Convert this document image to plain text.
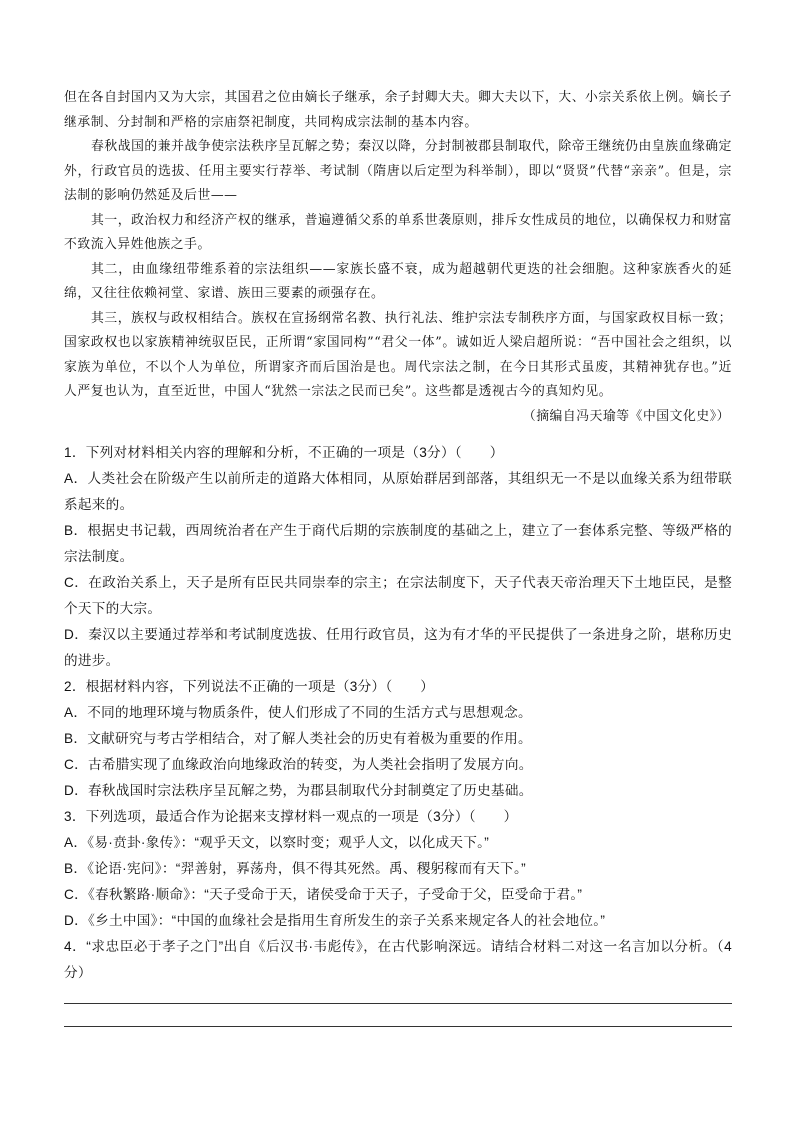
但在各自封国内又为大宗，其国君之位由嫡长子继承，余子封卿大夫。卿大夫以下，大、小宗关系依上例。嫡长子继承制、分封制和严格的宗庙祭祀制度，共同构成宗法制的基本内容。

春秋战国的兼并战争使宗法秩序呈瓦解之势；秦汉以降，分封制被郡县制取代，除帝王继统仍由皇族血缘确定外，行政官员的选拔、任用主要实行荐举、考试制（隋唐以后定型为科举制），即以“贤贤”代替“亲亲”。但是，宗法制的影响仍然延及后世——

其一，政治权力和经济产权的继承，普遍遵循父系的单系世袭原则，排斥女性成员的地位，以确保权力和财富不致流入异姓他族之手。

其二，由血缘纽带维系着的宗法组织——家族长盛不衰，成为超越朝代更迭的社会细胞。这种家族香火的延绵，又往往依赖祠堂、家谱、族田三要素的顽强存在。

其三，族权与政权相结合。族权在宣扬纲常名教、执行礼法、维护宗法专制秩序方面，与国家政权目标一致；国家政权也以家族精神统驭臣民，正所谓“家国同构”“君父一体”。诚如近人梁启超所说：“吾中国社会之组织，以家族为单位，不以个人为单位，所谓家齐而后国治是也。周代宗法之制，在今日其形式虽废，其精神犹存也。”近人严复也认为，直至近世，中国人“犹然一宗法之民而已矣”。这些都是透视古今的真知灼见。

（摘编自冯天瑜等《中国文化史》）

1．下列对材料相关内容的理解和分析，不正确的一项是（3分）（　　）

A．人类社会在阶级产生以前所走的道路大体相同，从原始群居到部落，其组织无一不是以血缘关系为纽带联系起来的。

B．根据史书记载，西周统治者在产生于商代后期的宗族制度的基础之上，建立了一套体系完整、等级严格的宗法制度。

C．在政治关系上，天子是所有臣民共同崇奉的宗主；在宗法制度下，天子代表天帝治理天下土地臣民，是整个天下的大宗。

D．秦汉以主要通过荐举和考试制度选拔、任用行政官员，这为有才华的平民提供了一条进身之阶，堪称历史的进步。

2．根据材料内容，下列说法不正确的一项是（3分）（　　）

A．不同的地理环境与物质条件，使人们形成了不同的生活方式与思想观念。

B．文献研究与考古学相结合，对了解人类社会的历史有着极为重要的作用。

C．古希腊实现了血缘政治向地缘政治的转变，为人类社会指明了发展方向。

D．春秋战国时宗法秩序呈瓦解之势，为郡县制取代分封制奠定了历史基础。

3．下列选项，最适合作为论据来支撑材料一观点的一项是（3分）（　　）

A．《易·贲卦·象传》：“观乎天文，以察时变；观乎人文，以化成天下。”

B．《论语·宪问》：“羿善射，奡荡舟，俱不得其死然。禹、稷躬稼而有天下。”

C．《春秋繁路·顺命》：“天子受命于天，诸侯受命于天子，子受命于父，臣受命于君。”

D．《乡土中国》：“中国的血缘社会是指用生育所发生的亲子关系来规定各人的社会地位。”

4．“求忠臣必于孝子之门”出自《后汉书·韦彪传》，在古代影响深远。请结合材料二对这一名言加以分析。（4分）
